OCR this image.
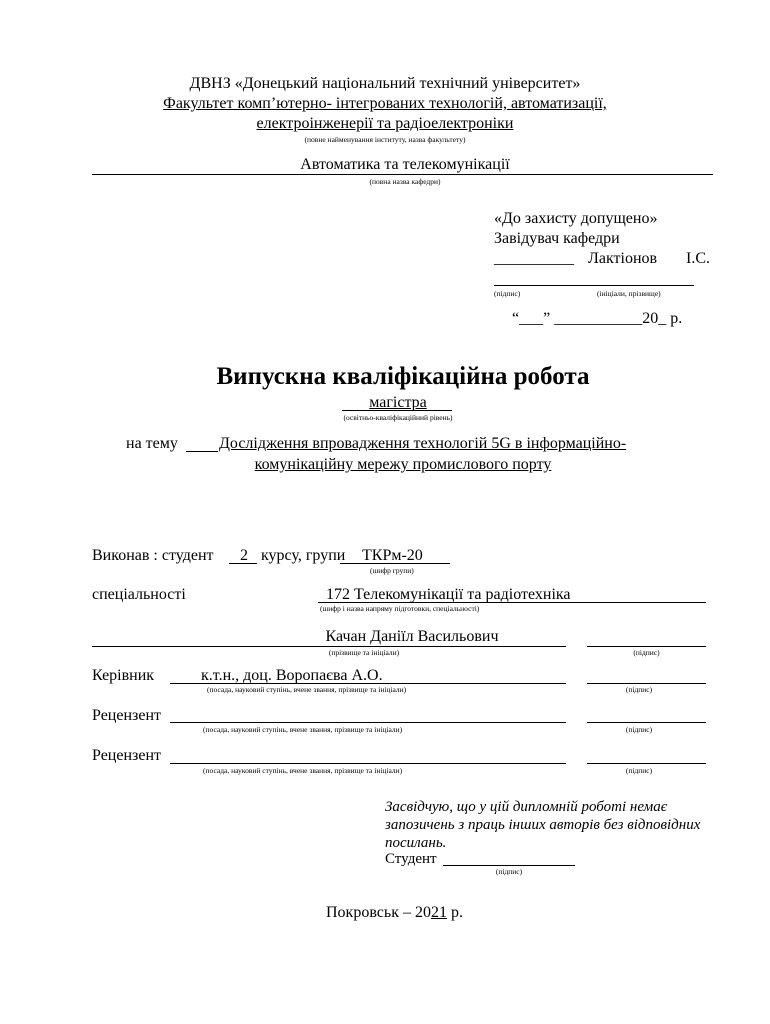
ДВНЗ «Донецький національний технічний університет»
Факультет комп’ютерно- інтегрованих технологій, автоматизації,
електроінженерії та радіоелектроніки
(повне найменування інституту, назва факультету)
Автоматика та телекомунікації
(повна назва кафедри)
«До захисту допущено»
Завідувач кафедри
__________ Лактіонов І.С.
(підпис)	(ініціали, прізвище)
“___” ___________20_ р.
Випускна кваліфікаційна робота
магістра
(освітньо-кваліфікаційний рівень)
на тему	Дослідження впровадження технологій 5G в інформаційно-
комунікаційну мережу промислового порту
Виконав : студент 2 курсу, групи ТКРм-20
(шифр групи)
спеціальності	172 Телекомунікації та радіотехніка
(шифр і назва напряму підготовки, спеціальності)
Качан Даніїл Васильович
(прізвище та ініціали)	(підпис)
Керівник	к.т.н., доц. Воропаєва А.О.
(посада, науковий ступінь, вчене звання, прізвище та ініціали)	(підпис)
Рецензент
(посада, науковий ступінь, вчене звання, прізвище та ініціали)	(підпис)
Рецензент
(посада, науковий ступінь, вчене звання, прізвище та ініціали)	(підпис)
Засвідчую, що у цій дипломній роботі немає
запозичень з праць інших авторів без відповідних
посилань.
Студент
(підпис)
Покровськ – 2021 р.
